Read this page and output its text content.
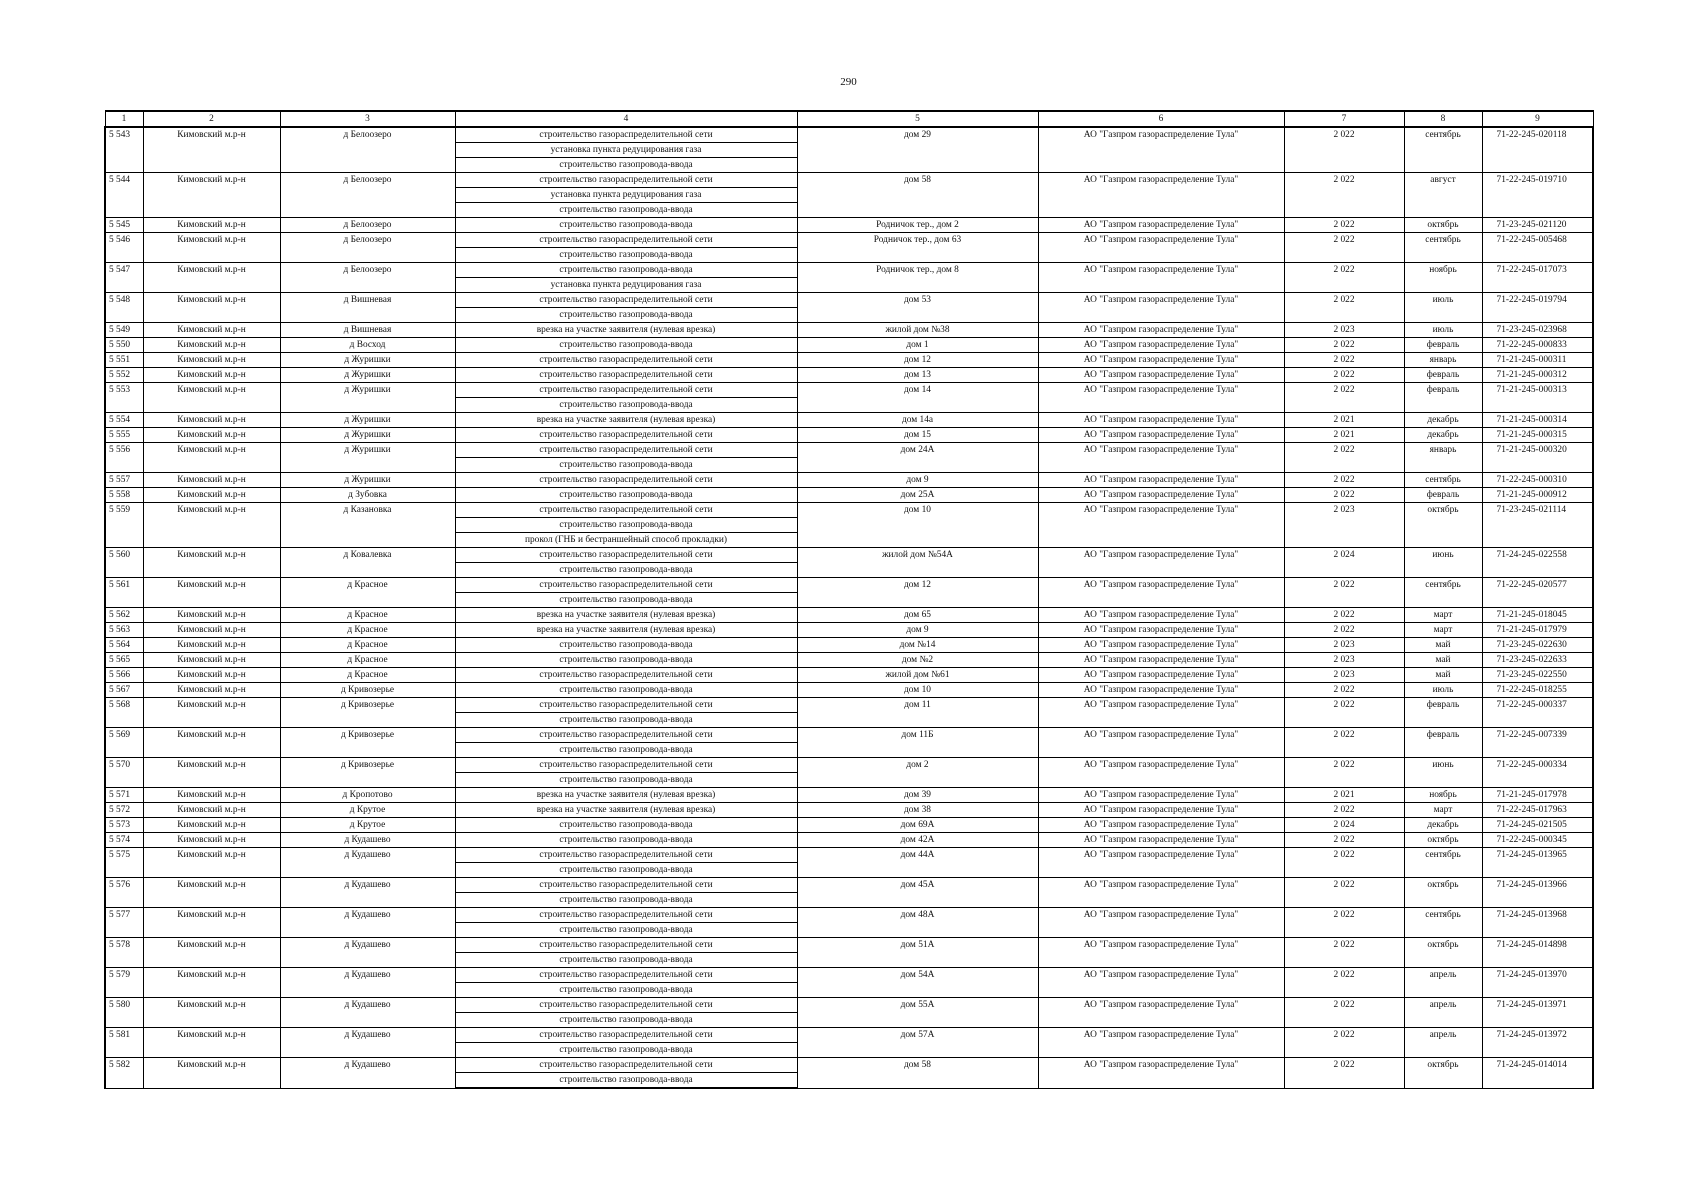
290
1	2	3	4	5	6	7	8	9
5 543	Кимовский м.р-н	д Белоозеро	строительство газораспределительной сети	дом 29	АО "Газпром газораспределение Тула"	2 022	сентябрь	71-22-245-020118
			установка пункта редуцирования газа					
			строительство газопровода-ввода					
5 544	Кимовский м.р-н	д Белоозеро	строительство газораспределительной сети	дом 58	АО "Газпром газораспределение Тула"	2 022	август	71-22-245-019710
			установка пункта редуцирования газа					
			строительство газопровода-ввода					
5 545	Кимовский м.р-н	д Белоозеро	строительство газопровода-ввода	Родничок тер., дом 2	АО "Газпром газораспределение Тула"	2 022	октябрь	71-23-245-021120
5 546	Кимовский м.р-н	д Белоозеро	строительство газораспределительной сети	Родничок тер., дом 63	АО "Газпром газораспределение Тула"	2 022	сентябрь	71-22-245-005468
			строительство газопровода-ввода					
5 547	Кимовский м.р-н	д Белоозеро	строительство газопровода-ввода	Родничок тер., дом 8	АО "Газпром газораспределение Тула"	2 022	ноябрь	71-22-245-017073
			установка пункта редуцирования газа					
5 548	Кимовский м.р-н	д Вишневая	строительство газораспределительной сети	дом 53	АО "Газпром газораспределение Тула"	2 022	июль	71-22-245-019794
			строительство газопровода-ввода					
5 549	Кимовский м.р-н	д Вишневая	врезка на участке заявителя (нулевая врезка)	жилой дом №38	АО "Газпром газораспределение Тула"	2 023	июль	71-23-245-023968
5 550	Кимовский м.р-н	д Восход	строительство газопровода-ввода	дом 1	АО "Газпром газораспределение Тула"	2 022	февраль	71-22-245-000833
5 551	Кимовский м.р-н	д Журишки	строительство газораспределительной сети	дом 12	АО "Газпром газораспределение Тула"	2 022	январь	71-21-245-000311
5 552	Кимовский м.р-н	д Журишки	строительство газораспределительной сети	дом 13	АО "Газпром газораспределение Тула"	2 022	февраль	71-21-245-000312
5 553	Кимовский м.р-н	д Журишки	строительство газораспределительной сети	дом 14	АО "Газпром газораспределение Тула"	2 022	февраль	71-21-245-000313
			строительство газопровода-ввода					
5 554	Кимовский м.р-н	д Журишки	врезка на участке заявителя (нулевая врезка)	дом 14а	АО "Газпром газораспределение Тула"	2 021	декабрь	71-21-245-000314
5 555	Кимовский м.р-н	д Журишки	строительство газораспределительной сети	дом 15	АО "Газпром газораспределение Тула"	2 021	декабрь	71-21-245-000315
5 556	Кимовский м.р-н	д Журишки	строительство газораспределительной сети	дом 24А	АО "Газпром газораспределение Тула"	2 022	январь	71-21-245-000320
			строительство газопровода-ввода					
5 557	Кимовский м.р-н	д Журишки	строительство газораспределительной сети	дом 9	АО "Газпром газораспределение Тула"	2 022	сентябрь	71-22-245-000310
5 558	Кимовский м.р-н	д Зубовка	строительство газопровода-ввода	дом 25А	АО "Газпром газораспределение Тула"	2 022	февраль	71-21-245-000912
5 559	Кимовский м.р-н	д Казановка	строительство газораспределительной сети	дом 10	АО "Газпром газораспределение Тула"	2 023	октябрь	71-23-245-021114
			строительство газопровода-ввода					
			прокол (ГНБ и бестраншейный способ прокладки)					
5 560	Кимовский м.р-н	д Ковалевка	строительство газораспределительной сети	жилой дом №54А	АО "Газпром газораспределение Тула"	2 024	июнь	71-24-245-022558
			строительство газопровода-ввода					
5 561	Кимовский м.р-н	д Красное	строительство газораспределительной сети	дом 12	АО "Газпром газораспределение Тула"	2 022	сентябрь	71-22-245-020577
			строительство газопровода-ввода					
5 562	Кимовский м.р-н	д Красное	врезка на участке заявителя (нулевая врезка)	дом 65	АО "Газпром газораспределение Тула"	2 022	март	71-21-245-018045
5 563	Кимовский м.р-н	д Красное	врезка на участке заявителя (нулевая врезка)	дом 9	АО "Газпром газораспределение Тула"	2 022	март	71-21-245-017979
5 564	Кимовский м.р-н	д Красное	строительство газопровода-ввода	дом №14	АО "Газпром газораспределение Тула"	2 023	май	71-23-245-022630
5 565	Кимовский м.р-н	д Красное	строительство газопровода-ввода	дом №2	АО "Газпром газораспределение Тула"	2 023	май	71-23-245-022633
5 566	Кимовский м.р-н	д Красное	строительство газораспределительной сети	жилой дом №61	АО "Газпром газораспределение Тула"	2 023	май	71-23-245-022550
5 567	Кимовский м.р-н	д Кривозерье	строительство газопровода-ввода	дом 10	АО "Газпром газораспределение Тула"	2 022	июль	71-22-245-018255
5 568	Кимовский м.р-н	д Кривозерье	строительство газораспределительной сети	дом 11	АО "Газпром газораспределение Тула"	2 022	февраль	71-22-245-000337
			строительство газопровода-ввода					
5 569	Кимовский м.р-н	д Кривозерье	строительство газораспределительной сети	дом 11Б	АО "Газпром газораспределение Тула"	2 022	февраль	71-22-245-007339
			строительство газопровода-ввода					
5 570	Кимовский м.р-н	д Кривозерье	строительство газораспределительной сети	дом 2	АО "Газпром газораспределение Тула"	2 022	июнь	71-22-245-000334
			строительство газопровода-ввода					
5 571	Кимовский м.р-н	д Кропотово	врезка на участке заявителя (нулевая врезка)	дом 39	АО "Газпром газораспределение Тула"	2 021	ноябрь	71-21-245-017978
5 572	Кимовский м.р-н	д Крутое	врезка на участке заявителя (нулевая врезка)	дом 38	АО "Газпром газораспределение Тула"	2 022	март	71-22-245-017963
5 573	Кимовский м.р-н	д Крутое	строительство газопровода-ввода	дом 69А	АО "Газпром газораспределение Тула"	2 024	декабрь	71-24-245-021505
5 574	Кимовский м.р-н	д Кудашево	строительство газопровода-ввода	дом 42А	АО "Газпром газораспределение Тула"	2 022	октябрь	71-22-245-000345
5 575	Кимовский м.р-н	д Кудашево	строительство газораспределительной сети	дом 44А	АО "Газпром газораспределение Тула"	2 022	сентябрь	71-24-245-013965
			строительство газопровода-ввода					
5 576	Кимовский м.р-н	д Кудашево	строительство газораспределительной сети	дом 45А	АО "Газпром газораспределение Тула"	2 022	октябрь	71-24-245-013966
			строительство газопровода-ввода					
5 577	Кимовский м.р-н	д Кудашево	строительство газораспределительной сети	дом 48А	АО "Газпром газораспределение Тула"	2 022	сентябрь	71-24-245-013968
			строительство газопровода-ввода					
5 578	Кимовский м.р-н	д Кудашево	строительство газораспределительной сети	дом 51А	АО "Газпром газораспределение Тула"	2 022	октябрь	71-24-245-014898
			строительство газопровода-ввода					
5 579	Кимовский м.р-н	д Кудашево	строительство газораспределительной сети	дом 54А	АО "Газпром газораспределение Тула"	2 022	апрель	71-24-245-013970
			строительство газопровода-ввода					
5 580	Кимовский м.р-н	д Кудашево	строительство газораспределительной сети	дом 55А	АО "Газпром газораспределение Тула"	2 022	апрель	71-24-245-013971
			строительство газопровода-ввода					
5 581	Кимовский м.р-н	д Кудашево	строительство газораспределительной сети	дом 57А	АО "Газпром газораспределение Тула"	2 022	апрель	71-24-245-013972
			строительство газопровода-ввода					
5 582	Кимовский м.р-н	д Кудашево	строительство газораспределительной сети	дом 58	АО "Газпром газораспределение Тула"	2 022	октябрь	71-24-245-014014
			строительство газопровода-ввода					
